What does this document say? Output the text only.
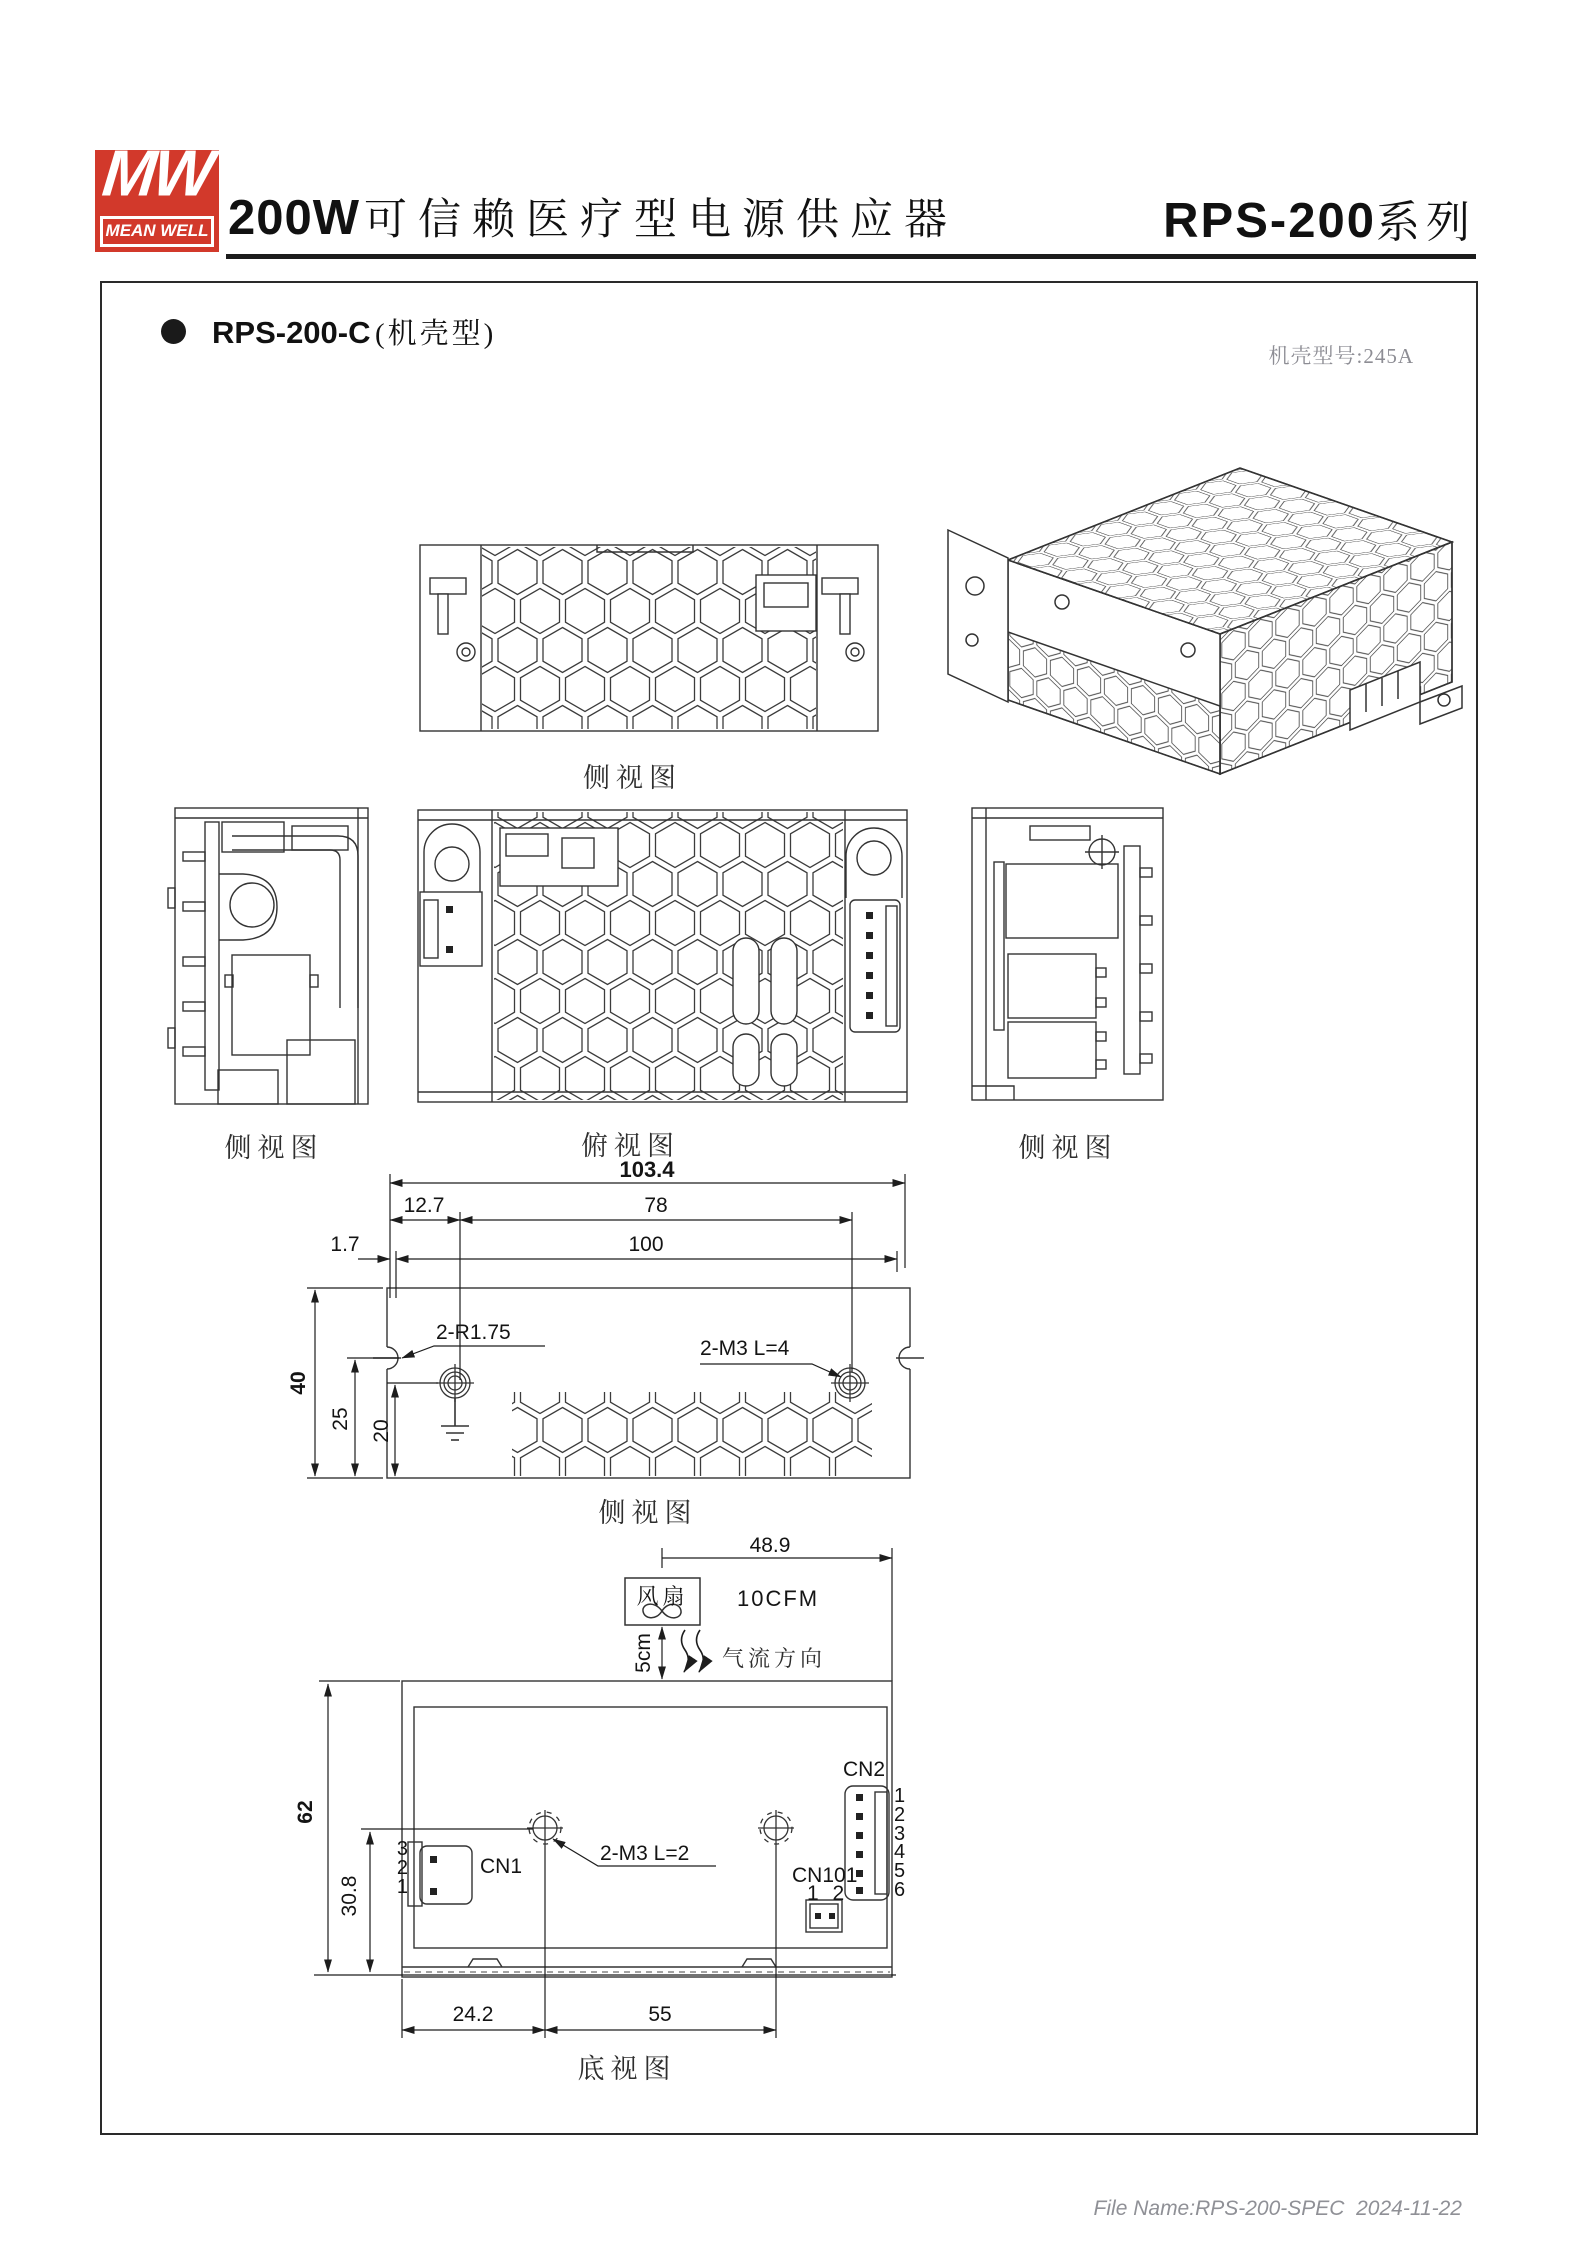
MW
MEAN WELL 200W 可信赖医疗型电源供应器	RPS-200系列
RPS-200-C (机壳型)
机壳型号:245A
侧视图
侧视图	俯视图	侧视图
侧视图
底视图
103.4
12.7	78
1.7	100
40
25
20
2-R1.75
2-M3 L=4
48.9
风扇	10CFM
5cm	气流方向
62
30.8
2-M3 L=2
24.2	55
CN1
3
2
1
CN2
1
2
3
4
5
6
CN101
1 2
File Name:RPS-200-SPEC  2024-11-22
